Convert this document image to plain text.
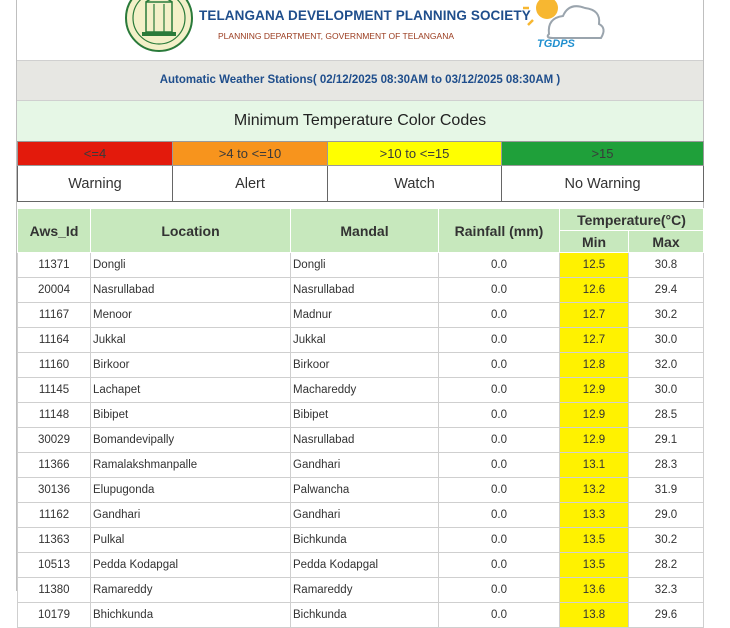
TELANGANA DEVELOPMENT PLANNING SOCIETY
PLANNING DEPARTMENT, GOVERNMENT OF TELANGANA
TGDPS
Automatic Weather Stations( 02/12/2025 08:30AM to 03/12/2025 08:30AM )
Minimum Temperature Color Codes
<=4	>4 to <=10	>10 to <=15	>15
Warning	Alert	Watch	No Warning
Aws_Id	Location	Mandal	Rainfall (mm)	Temperature(°C)	
				Min	Max
11371	Dongli	Dongli	0.0	12.5	30.8
20004	Nasrullabad	Nasrullabad	0.0	12.6	29.4
11167	Menoor	Madnur	0.0	12.7	30.2
11164	Jukkal	Jukkal	0.0	12.7	30.0
11160	Birkoor	Birkoor	0.0	12.8	32.0
11145	Lachapet	Machareddy	0.0	12.9	30.0
11148	Bibipet	Bibipet	0.0	12.9	28.5
30029	Bomandevipally	Nasrullabad	0.0	12.9	29.1
11366	Ramalakshmanpalle	Gandhari	0.0	13.1	28.3
30136	Elupugonda	Palwancha	0.0	13.2	31.9
11162	Gandhari	Gandhari	0.0	13.3	29.0
11363	Pulkal	Bichkunda	0.0	13.5	30.2
10513	Pedda Kodapgal	Pedda Kodapgal	0.0	13.5	28.2
11380	Ramareddy	Ramareddy	0.0	13.6	32.3
10179	Bhichkunda	Bichkunda	0.0	13.8	29.6
